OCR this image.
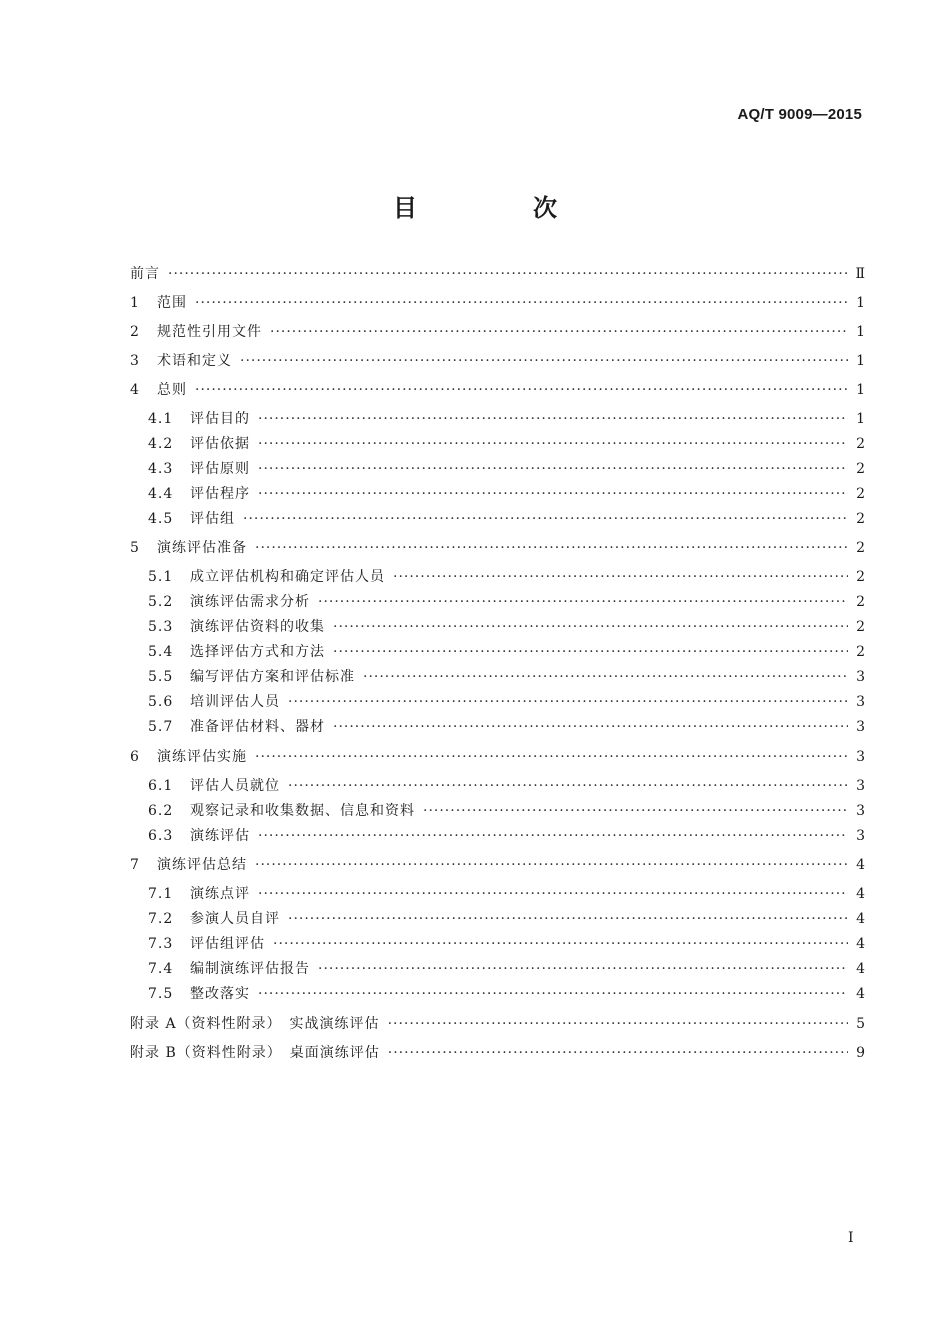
AQ/T 9009—2015
目　次
前言 ·····	Ⅱ
1	范围 ·····	1
2	规范性引用文件 ·····	1
3	术语和定义 ·····	1
4	总则 ·····	1
4.1	评估目的 ·····	1
4.2	评估依据 ·····	2
4.3	评估原则 ·····	2
4.4	评估程序 ·····	2
4.5	评估组 ·····	2
5	演练评估准备 ·····	2
5.1	成立评估机构和确定评估人员 ·····	2
5.2	演练评估需求分析 ·····	2
5.3	演练评估资料的收集 ·····	2
5.4	选择评估方式和方法 ·····	2
5.5	编写评估方案和评估标准 ·····	3
5.6	培训评估人员 ·····	3
5.7	准备评估材料、器材 ·····	3
6	演练评估实施 ·····	3
6.1	评估人员就位 ·····	3
6.2	观察记录和收集数据、信息和资料 ·····	3
6.3	演练评估 ·····	3
7	演练评估总结 ·····	4
7.1	演练点评 ·····	4
7.2	参演人员自评 ·····	4
7.3	评估组评估 ·····	4
7.4	编制演练评估报告 ·····	4
7.5	整改落实 ·····	4
附录 A（资料性附录）　实战演练评估 ·····	5
附录 B（资料性附录）　桌面演练评估 ·····	9
I
